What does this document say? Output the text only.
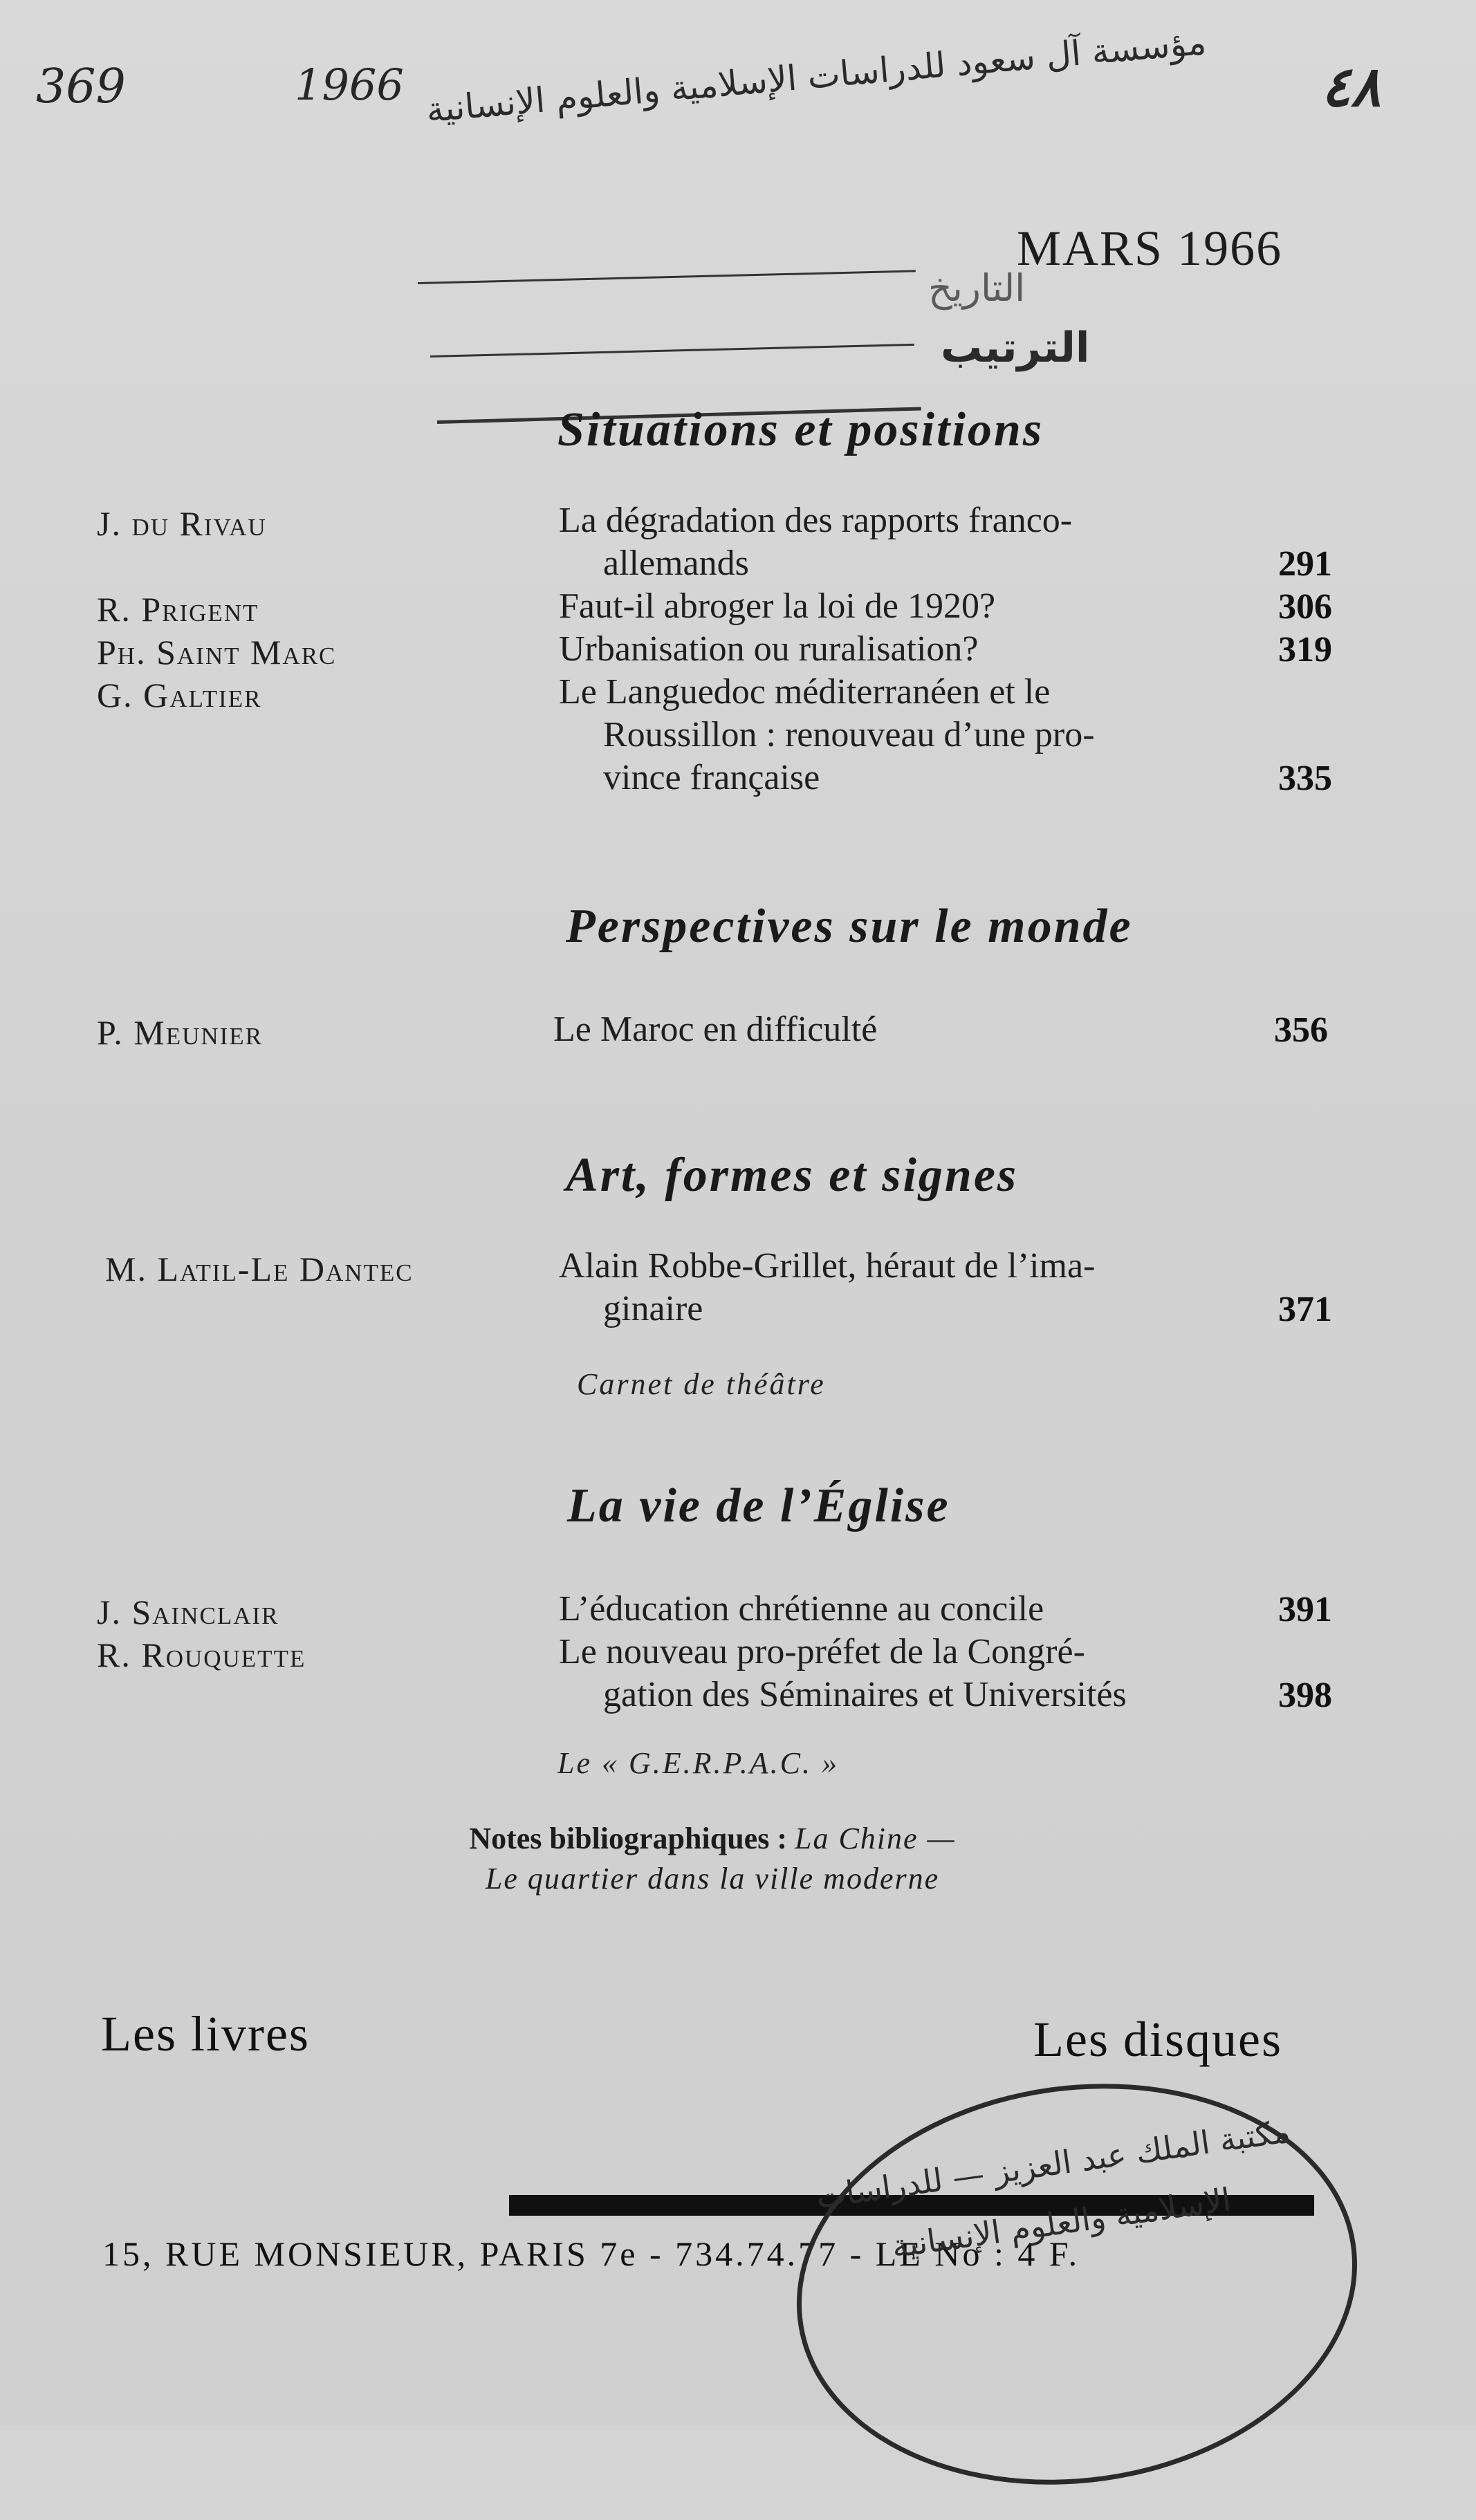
369	1966	٤٨
مؤسسة آل سعود للدراسات الإسلامية والعلوم الإنسانية
التاريخ
الترتيب
MARS 1966
Situations et positions
J. du Rivau	La dégradation des rapports franco-
allemands	291
R. Prigent	Faut-il abroger la loi de 1920?	306
Ph. Saint Marc	Urbanisation ou ruralisation?	319
G. Galtier	Le Languedoc méditerranéen et le
Roussillon : renouveau d’une pro-
vince française	335
Perspectives sur le monde
P. Meunier	Le Maroc en difficulté	356
Art, formes et signes
M. Latil-Le Dantec	Alain Robbe-Grillet, héraut de l’ima-
ginaire	371
Carnet de théâtre
La vie de l’Église
J. Sainclair	L’éducation chrétienne au concile	391
R. Rouquette	Le nouveau pro-préfet de la Congré-
gation des Séminaires et Universités	398
Le « G.E.R.P.A.C. »
Notes bibliographiques : La Chine —
Le quartier dans la ville moderne
Les livres	Les disques
15, RUE MONSIEUR, PARIS 7e - 734.74.77 - LE No : 4 F.
مكتبة الملك عبد العزيز — للدراسات الإسلامية والعلوم الإنسانية
